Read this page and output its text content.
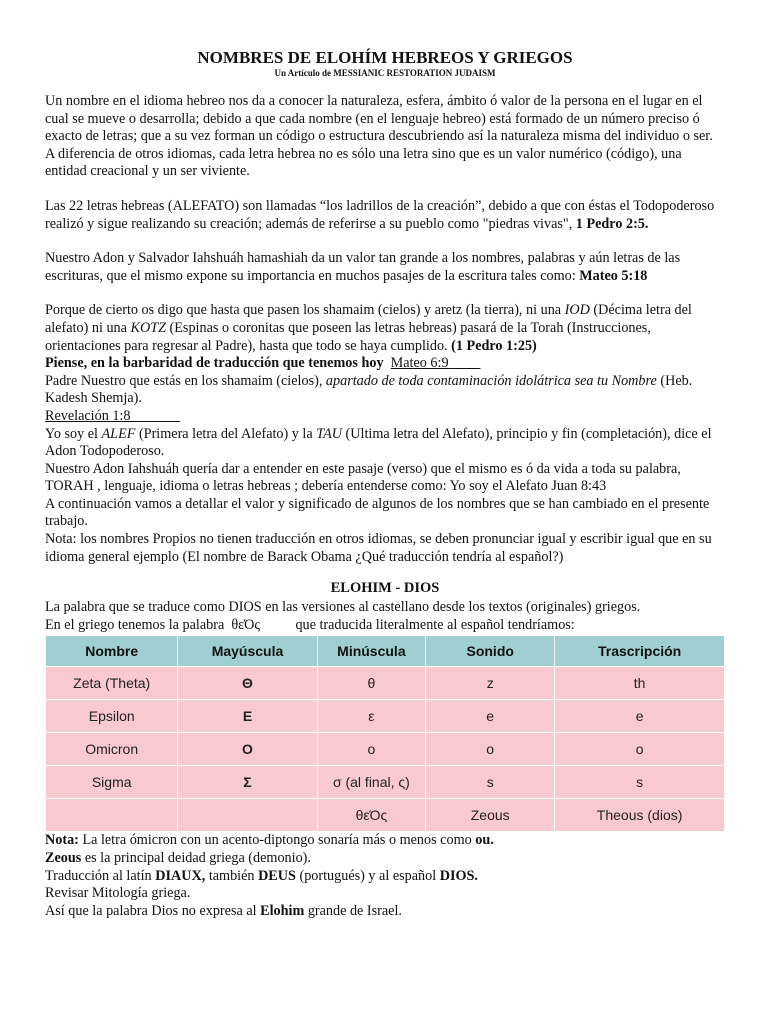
NOMBRES DE ELOHÍM HEBREOS Y GRIEGOS
Un Artículo de MESSIANIC RESTORATION JUDAISM

Un nombre en el idioma hebreo nos da a conocer la naturaleza, esfera, ámbito ó valor de la persona en el lugar en el cual se mueve o desarrolla; debido a que cada nombre (en el lenguaje hebreo) está formado de un número preciso ó exacto de letras; que a su vez forman un código o estructura descubriendo así la naturaleza misma del individuo o ser.

A diferencia de otros idiomas, cada letra hebrea no es sólo una letra sino que es un valor numérico (código), una entidad creacional y un ser viviente.

Las 22 letras hebreas (ALEFATO) son llamadas “los ladrillos de la creación”, debido a que con éstas el Todopoderoso realizó y sigue realizando su creación; además de referirse a su pueblo como "piedras vivas", 1 Pedro 2:5.

Nuestro Adon y Salvador Iahshuáh hamashiah da un valor tan grande a los nombres, palabras y aún letras de las escrituras, que el mismo expone su importancia en muchos pasajes de la escritura tales como: Mateo 5:18

Porque de cierto os digo que hasta que pasen los shamaim (cielos) y aretz (la tierra), ni una IOD (Décima letra del alefato) ni una KOTZ (Espinas o coronitas que poseen las letras hebreas) pasará de la Torah (Instrucciones, orientaciones para regresar al Padre), hasta que todo se haya cumplido. (1 Pedro 1:25)

Piense, en la barbaridad de traducción que tenemos hoy Mateo 6:9

Padre Nuestro que estás en los shamaim (cielos), apartado de toda contaminación idolátrica sea tu Nombre (Heb. Kadesh Shemja).

Revelación 1:8

Yo soy el ALEF (Primera letra del Alefato) y la TAU (Ultima letra del Alefato), principio y fin (completación), dice el Adon Todopoderoso.

Nuestro Adon Iahshuáh quería dar a entender en este pasaje (verso) que el mismo es ó da vida a toda su palabra, TORAH , lenguaje, idioma o letras hebreas ; debería entenderse como: Yo soy el Alefato Juan 8:43

A continuación vamos a detallar el valor y significado de algunos de los nombres que se han cambiado en el presente trabajo.

Nota: los nombres Propios no tienen traducción en otros idiomas, se deben pronunciar igual y escribir igual que en su idioma general ejemplo (El nombre de Barack Obama ¿Qué traducción tendría al español?)

ELOHIM - DIOS

La palabra que se traduce como DIOS en las versiones al castellano desde los textos (originales) griegos.

En el griego tenemos la palabra θεΌς que traducida literalmente al español tendríamos:

Nombre	Mayúscula	Minúscula	Sonido	Trascripción
Zeta (Theta)	Θ	θ	z	th
Epsilon	Ε	ε	e	e
Omicron	Ο	ο	o	o
Sigma	Σ	σ (al final, ς)	s	s
		θεΌς	Zeous	Theous (dios)

Nota: La letra ómicron con un acento-diptongo sonaría más o menos como ou.

Zeous es la principal deidad griega (demonio).

Traducción al latín DIAUX, también DEUS (portugués) y al español DIOS.

Revisar Mitología griega.

Así que la palabra Dios no expresa al Elohim grande de Israel.
